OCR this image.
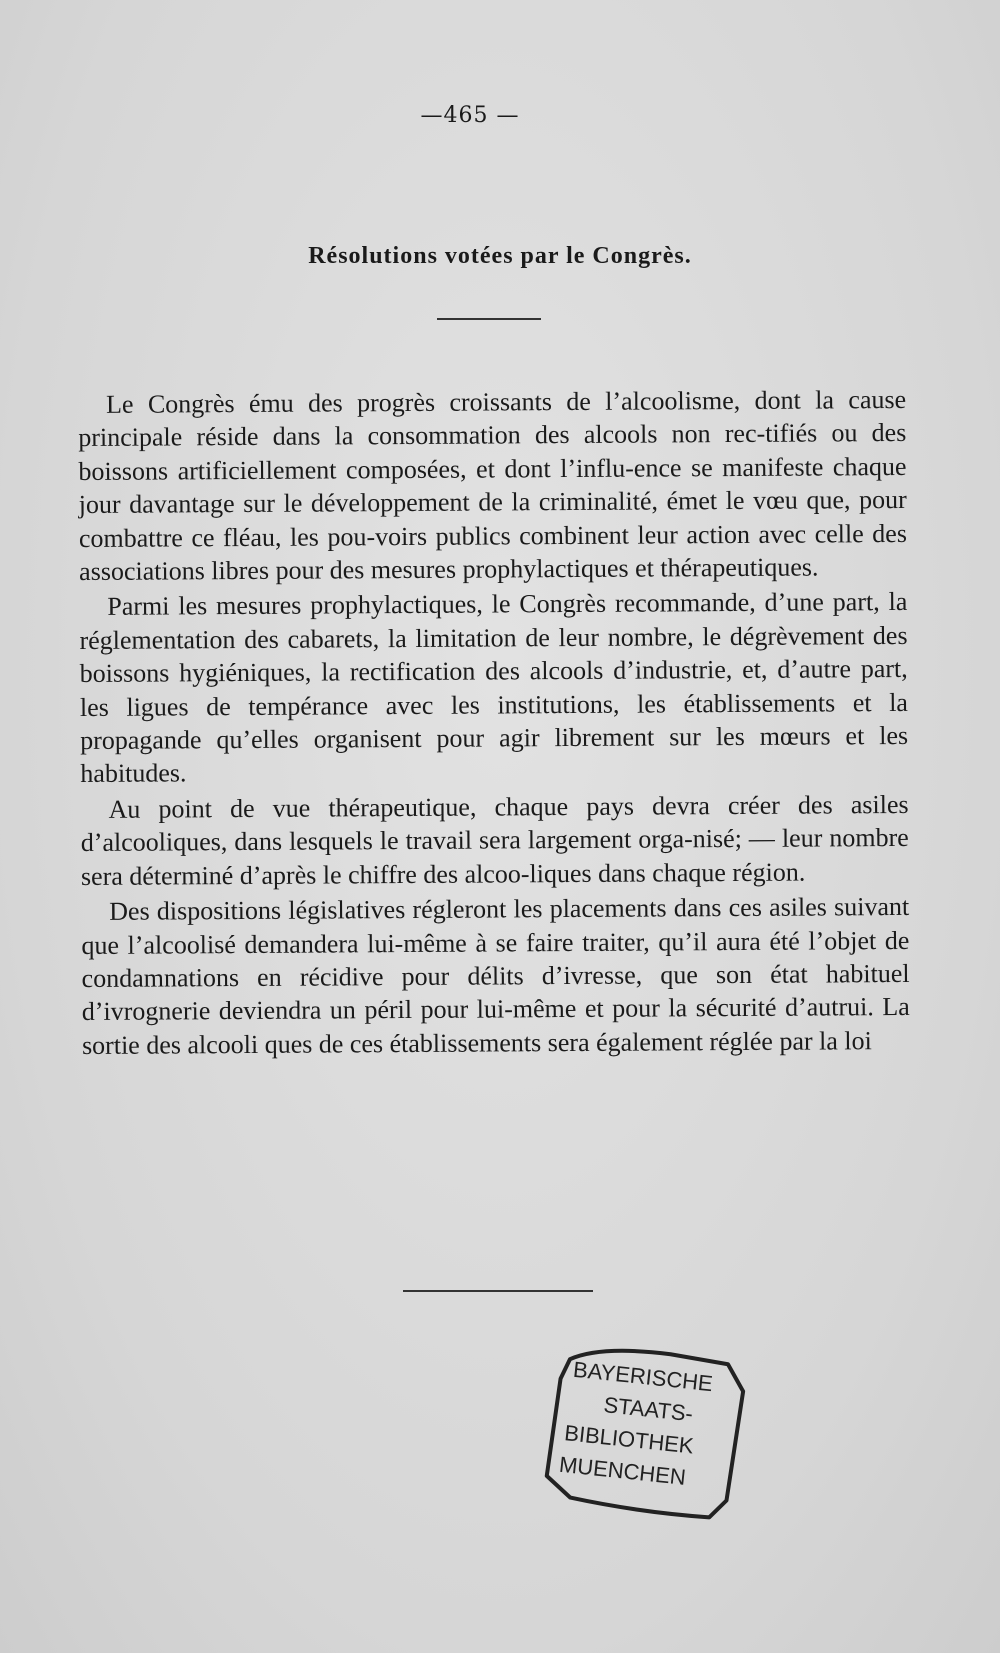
—465 —
Résolutions votées par le Congrès.

Le Congrès ému des progrès croissants de l’alcoolisme, dont la cause principale réside dans la consommation des alcools non rec-tifiés ou des boissons artificiellement composées, et dont l’influ-ence se manifeste chaque jour davantage sur le développement de la criminalité, émet le vœu que, pour combattre ce fléau, les pou-voirs publics combinent leur action avec celle des associations libres pour des mesures prophylactiques et thérapeutiques.

Parmi les mesures prophylactiques, le Congrès recommande, d’une part, la réglementation des cabarets, la limitation de leur nombre, le dégrèvement des boissons hygiéniques, la rectification des alcools d’industrie, et, d’autre part, les ligues de tempérance avec les institutions, les établissements et la propagande qu’elles organisent pour agir librement sur les mœurs et les habitudes.

Au point de vue thérapeutique, chaque pays devra créer des asiles d’alcooliques, dans lesquels le travail sera largement orga-nisé; — leur nombre sera déterminé d’après le chiffre des alcoo-liques dans chaque région.

Des dispositions législatives régleront les placements dans ces asiles suivant que l’alcoolisé demandera lui-même à se faire traiter, qu’il aura été l’objet de condamnations en récidive pour délits d’ivresse, que son état habituel d’ivrognerie deviendra un péril pour lui-même et pour la sécurité d’autrui. La sortie des alcooli ques de ces établissements sera également réglée par la loi

BAYERISCHE
STAATS-
BIBLIOTHEK
MUENCHEN
